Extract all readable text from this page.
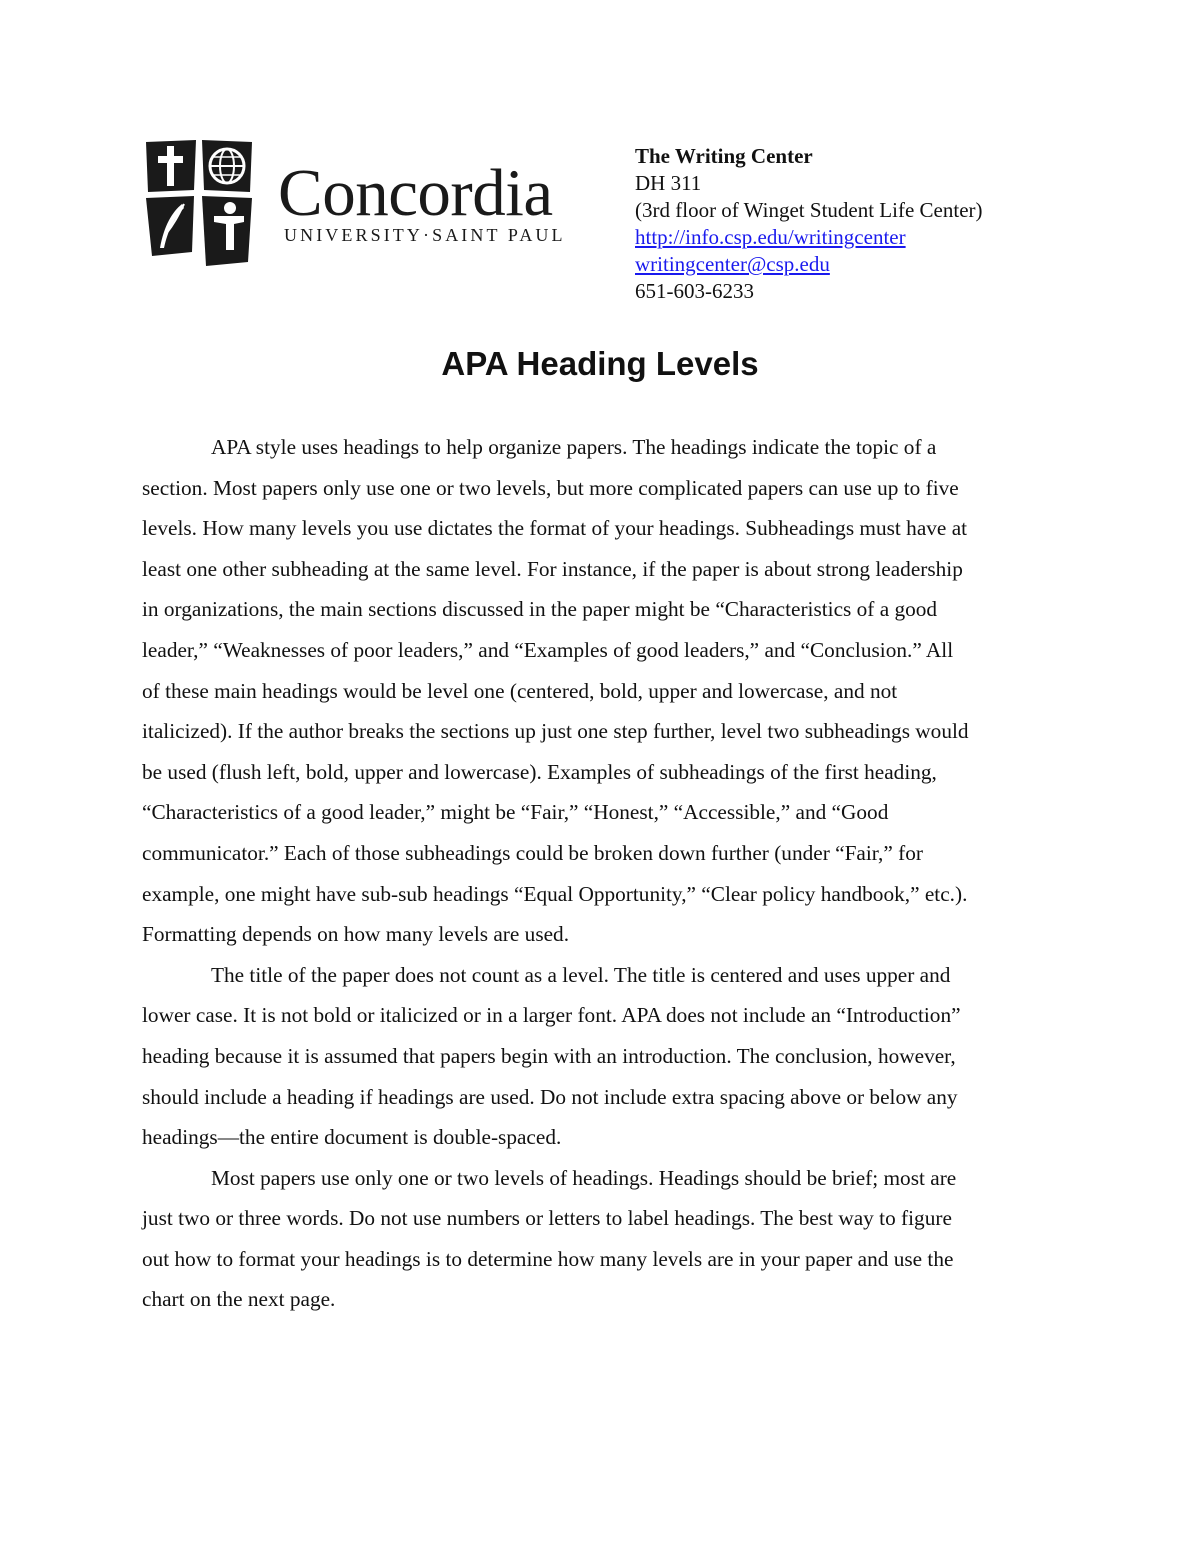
Concordia
UNIVERSITY·SAINT PAUL
The Writing Center
DH 311
(3rd floor of Winget Student Life Center)
http://info.csp.edu/writingcenter
writingcenter@csp.edu
651-603-6233
APA Heading Levels

APA style uses headings to help organize papers. The headings indicate the topic of a
section. Most papers only use one or two levels, but more complicated papers can use up to five
levels. How many levels you use dictates the format of your headings. Subheadings must have at
least one other subheading at the same level. For instance, if the paper is about strong leadership
in organizations, the main sections discussed in the paper might be “Characteristics of a good
leader,” “Weaknesses of poor leaders,” and “Examples of good leaders,” and “Conclusion.” All
of these main headings would be level one (centered, bold, upper and lowercase, and not
italicized). If the author breaks the sections up just one step further, level two subheadings would
be used (flush left, bold, upper and lowercase). Examples of subheadings of the first heading,
“Characteristics of a good leader,” might be “Fair,” “Honest,” “Accessible,” and “Good
communicator.” Each of those subheadings could be broken down further (under “Fair,” for
example, one might have sub-sub headings “Equal Opportunity,” “Clear policy handbook,” etc.).
Formatting depends on how many levels are used.

The title of the paper does not count as a level. The title is centered and uses upper and
lower case. It is not bold or italicized or in a larger font. APA does not include an “Introduction”
heading because it is assumed that papers begin with an introduction. The conclusion, however,
should include a heading if headings are used. Do not include extra spacing above or below any
headings—the entire document is double-spaced.

Most papers use only one or two levels of headings. Headings should be brief; most are
just two or three words. Do not use numbers or letters to label headings. The best way to figure
out how to format your headings is to determine how many levels are in your paper and use the
chart on the next page.
